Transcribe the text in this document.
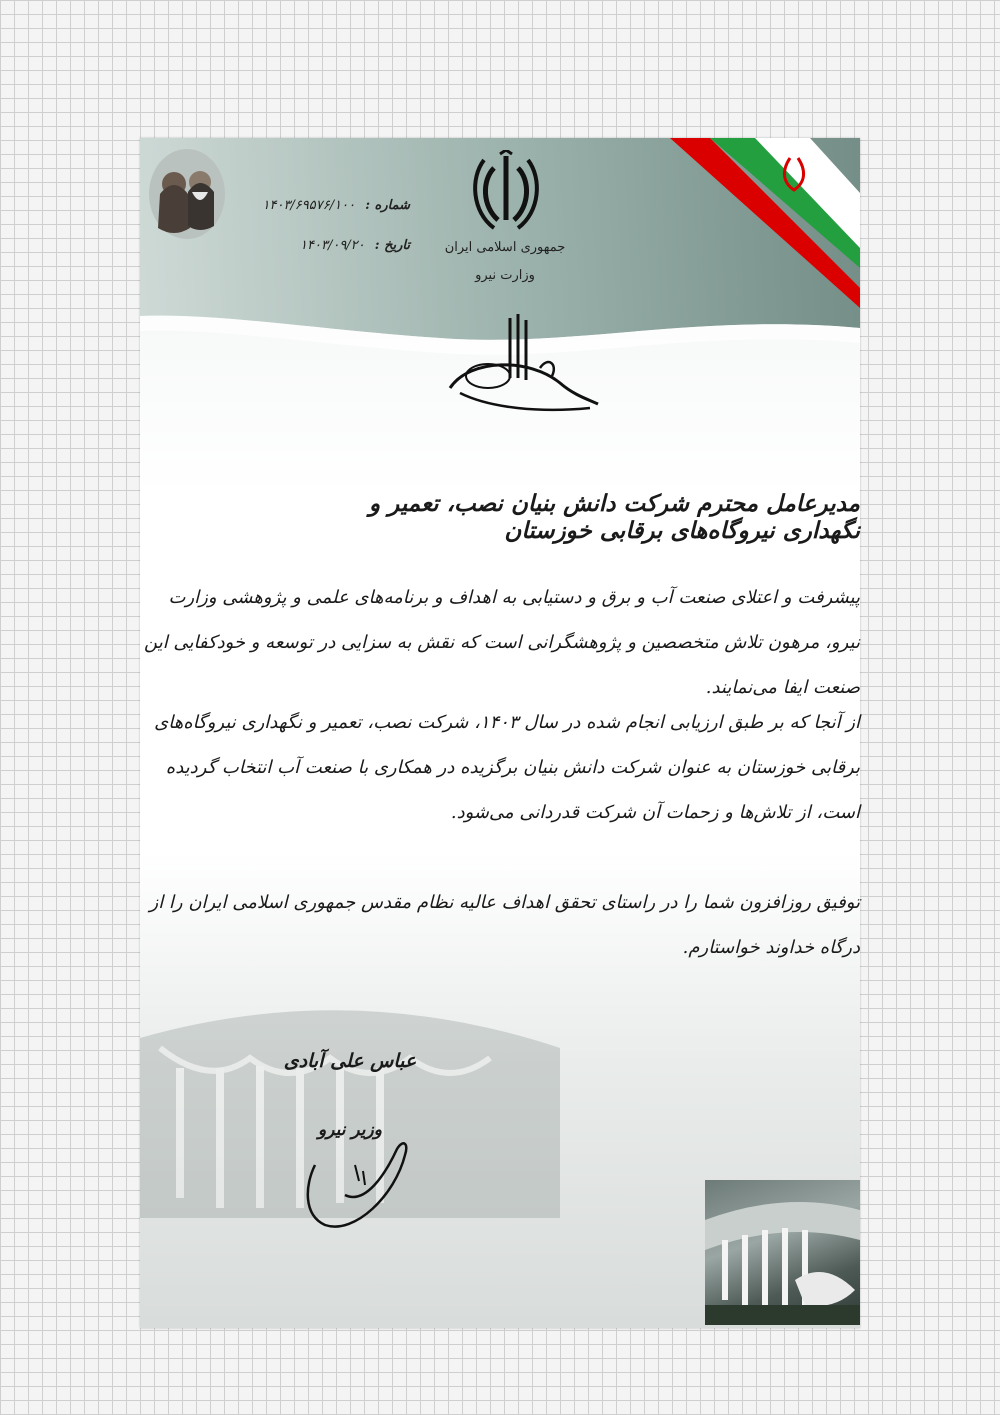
جمهوری اسلامی ایران
وزارت نیرو
شماره : ۱۴۰۳/۶۹۵۷۶/۱۰۰
تاریخ : ۱۴۰۳/۰۹/۲۰
مدیرعامل محترم شرکت دانش بنیان نصب، تعمیر و نگهداری نیروگاه‌های برقابی خوزستان
پیشرفت و اعتلای صنعت آب و برق و دستیابی به اهداف و برنامه‌های علمی و پژوهشی وزارت نیرو، مرهون تلاش متخصصین و پژوهشگرانی است که نقش به سزایی در توسعه و خودکفایی این صنعت ایفا می‌نمایند.
از آنجا که بر طبق ارزیابی انجام شده در سال ۱۴۰۳، شرکت نصب، تعمیر و نگهداری نیروگاه‌های برقابی خوزستان به عنوان شرکت دانش بنیان برگزیده در همکاری با صنعت آب انتخاب گردیده است، از تلاش‌ها و زحمات آن شرکت قدردانی می‌شود.
توفیق روزافزون شما را در راستای تحقق اهداف عالیه نظام مقدس جمهوری اسلامی ایران را از درگاه خداوند خواستارم.
عباس علی آبادی
وزیر نیرو
